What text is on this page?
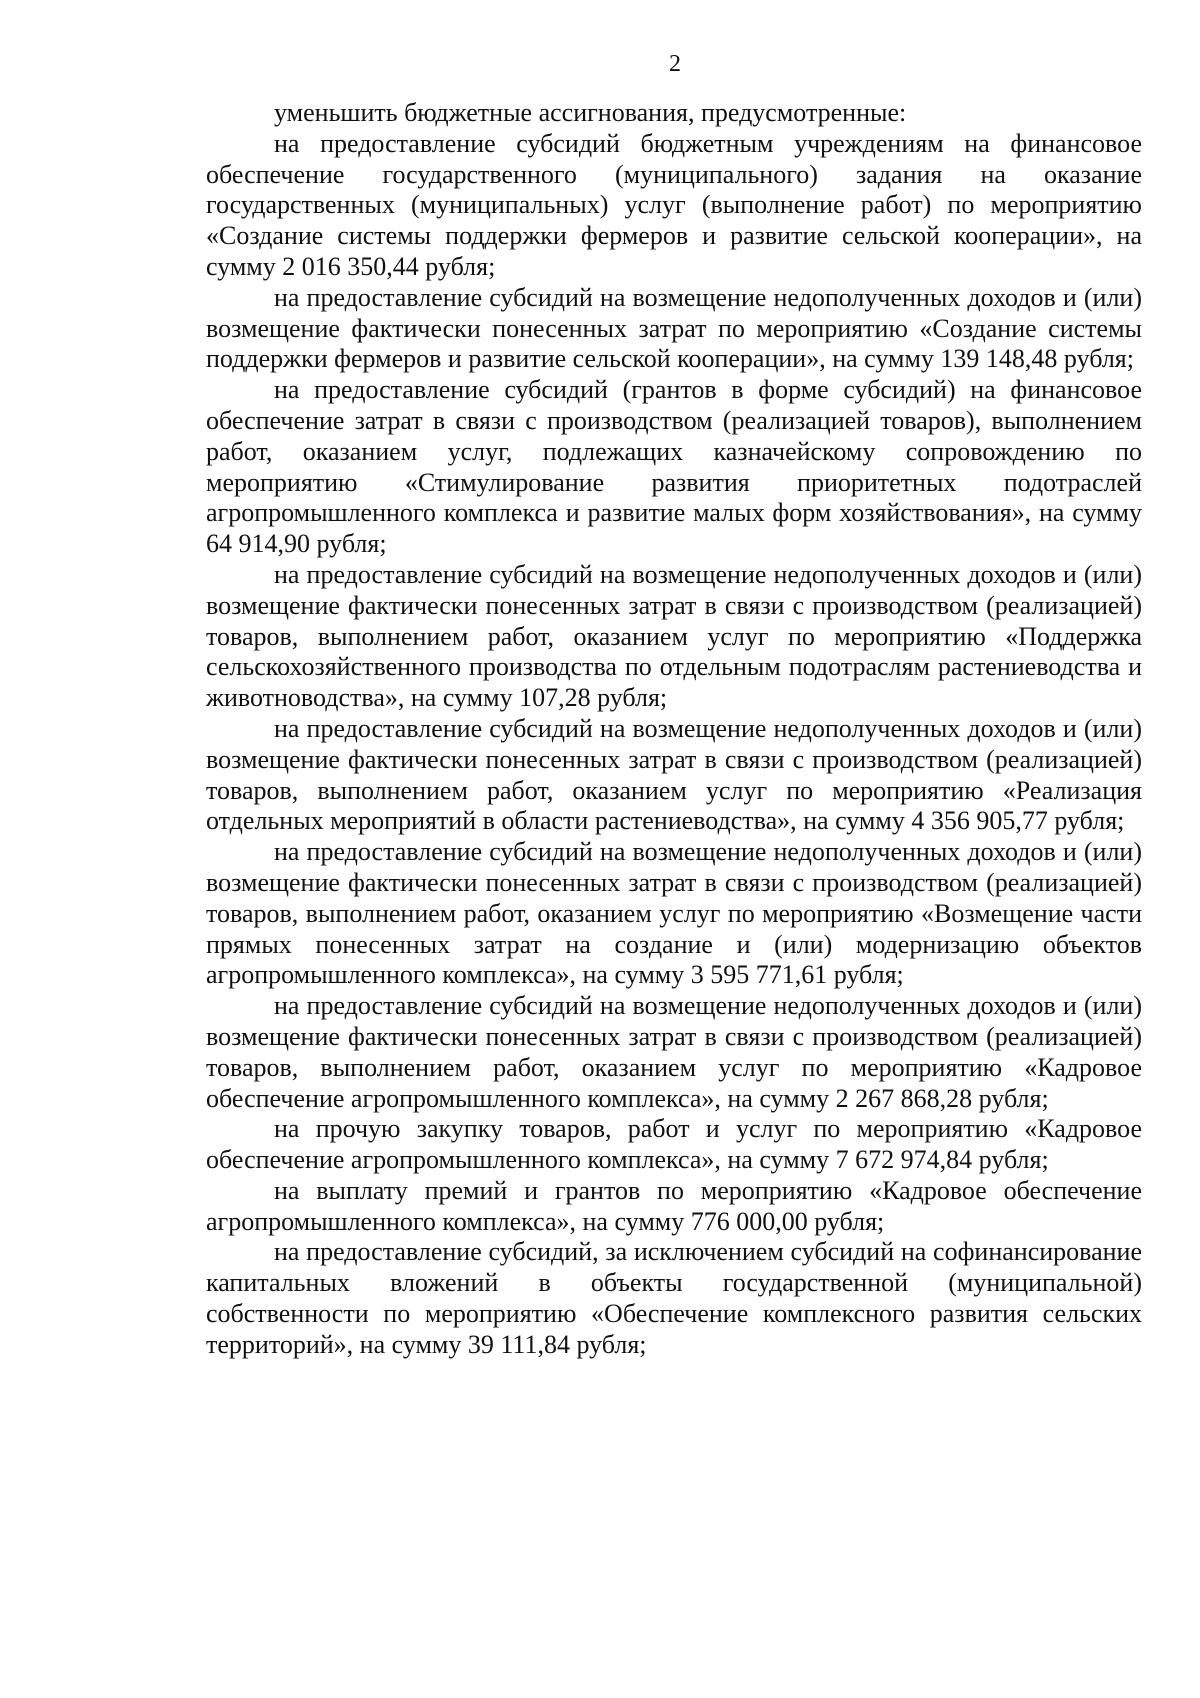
2

уменьшить бюджетные ассигнования, предусмотренные:

на предоставление субсидий бюджетным учреждениям на финансовое обеспечение государственного (муниципального) задания на оказание государственных (муниципальных) услуг (выполнение работ) по мероприятию «Создание системы поддержки фермеров и развитие сельской кооперации», на сумму 2 016 350,44 рубля;

на предоставление субсидий на возмещение недополученных доходов и (или) возмещение фактически понесенных затрат по мероприятию «Создание системы поддержки фермеров и развитие сельской кооперации», на сумму 139 148,48 рубля;

на предоставление субсидий (грантов в форме субсидий) на финансовое обеспечение затрат в связи с производством (реализацией товаров), выполнением работ, оказанием услуг, подлежащих казначейскому сопровождению по мероприятию «Стимулирование развития приоритетных подотраслей агропромышленного комплекса и развитие малых форм хозяйствования», на сумму 64 914,90 рубля;

на предоставление субсидий на возмещение недополученных доходов и (или) возмещение фактически понесенных затрат в связи с производством (реализацией) товаров, выполнением работ, оказанием услуг по мероприятию «Поддержка сельскохозяйственного производства по отдельным подотраслям растениеводства и животноводства», на сумму 107,28 рубля;

на предоставление субсидий на возмещение недополученных доходов и (или) возмещение фактически понесенных затрат в связи с производством (реализацией) товаров, выполнением работ, оказанием услуг по мероприятию «Реализация отдельных мероприятий в области растениеводства», на сумму 4 356 905,77 рубля;

на предоставление субсидий на возмещение недополученных доходов и (или) возмещение фактически понесенных затрат в связи с производством (реализацией) товаров, выполнением работ, оказанием услуг по мероприятию «Возмещение части прямых понесенных затрат на создание и (или) модернизацию объектов агропромышленного комплекса», на сумму 3 595 771,61 рубля;

на предоставление субсидий на возмещение недополученных доходов и (или) возмещение фактически понесенных затрат в связи с производством (реализацией) товаров, выполнением работ, оказанием услуг по мероприятию «Кадровое обеспечение агропромышленного комплекса», на сумму 2 267 868,28 рубля;

на прочую закупку товаров, работ и услуг по мероприятию «Кадровое обеспечение агропромышленного комплекса», на сумму 7 672 974,84 рубля;

на выплату премий и грантов по мероприятию «Кадровое обеспечение агропромышленного комплекса», на сумму 776 000,00 рубля;

на предоставление субсидий, за исключением субсидий на софинансирование капитальных вложений в объекты государственной (муниципальной) собственности по мероприятию «Обеспечение комплексного развития сельских территорий», на сумму 39 111,84 рубля;
